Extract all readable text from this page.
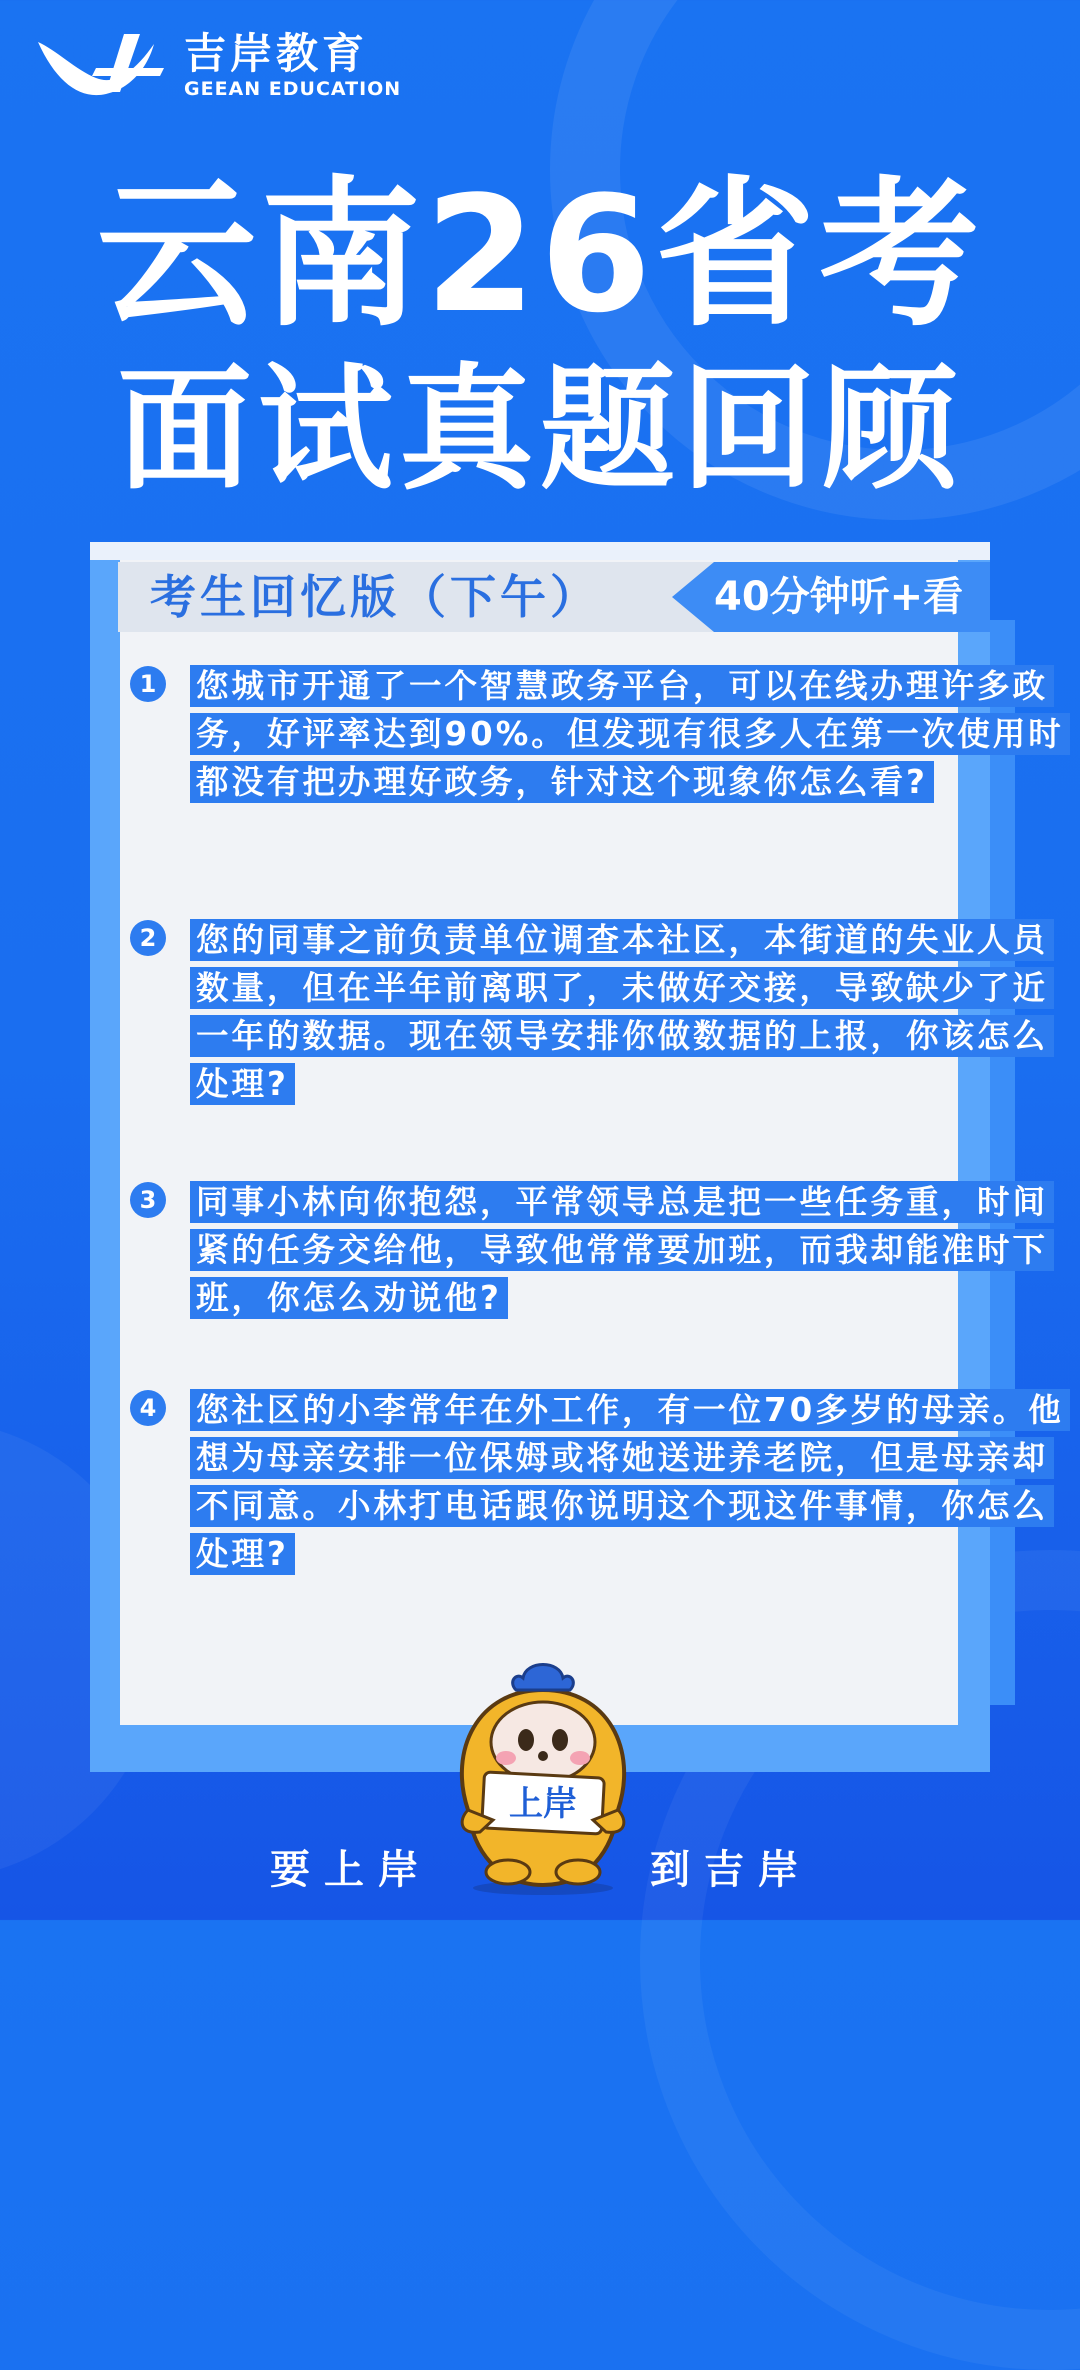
吉岸教育
GEEAN EDUCATION
云南26省考
面试真题回顾
考生回忆版（下午）	40分钟听+看
1 您城市开通了一个智慧政务平台，可以在线办理许多政务，好评率达到90%。但发现有很多人在第一次使用时都没有把办理好政务，针对这个现象你怎么看?
2 您的同事之前负责单位调查本社区，本街道的失业人员数量，但在半年前离职了，未做好交接，导致缺少了近一年的数据。现在领导安排你做数据的上报，你该怎么处理?
3 同事小林向你抱怨，平常领导总是把一些任务重，时间紧的任务交给他，导致他常常要加班，而我却能准时下班，你怎么劝说他?
4 您社区的小李常年在外工作，有一位70多岁的母亲。他想为母亲安排一位保姆或将她送进养老院，但是母亲却不同意。小林打电话跟你说明这个现这件事情，你怎么处理?
上岸
要上岸	到吉岸
